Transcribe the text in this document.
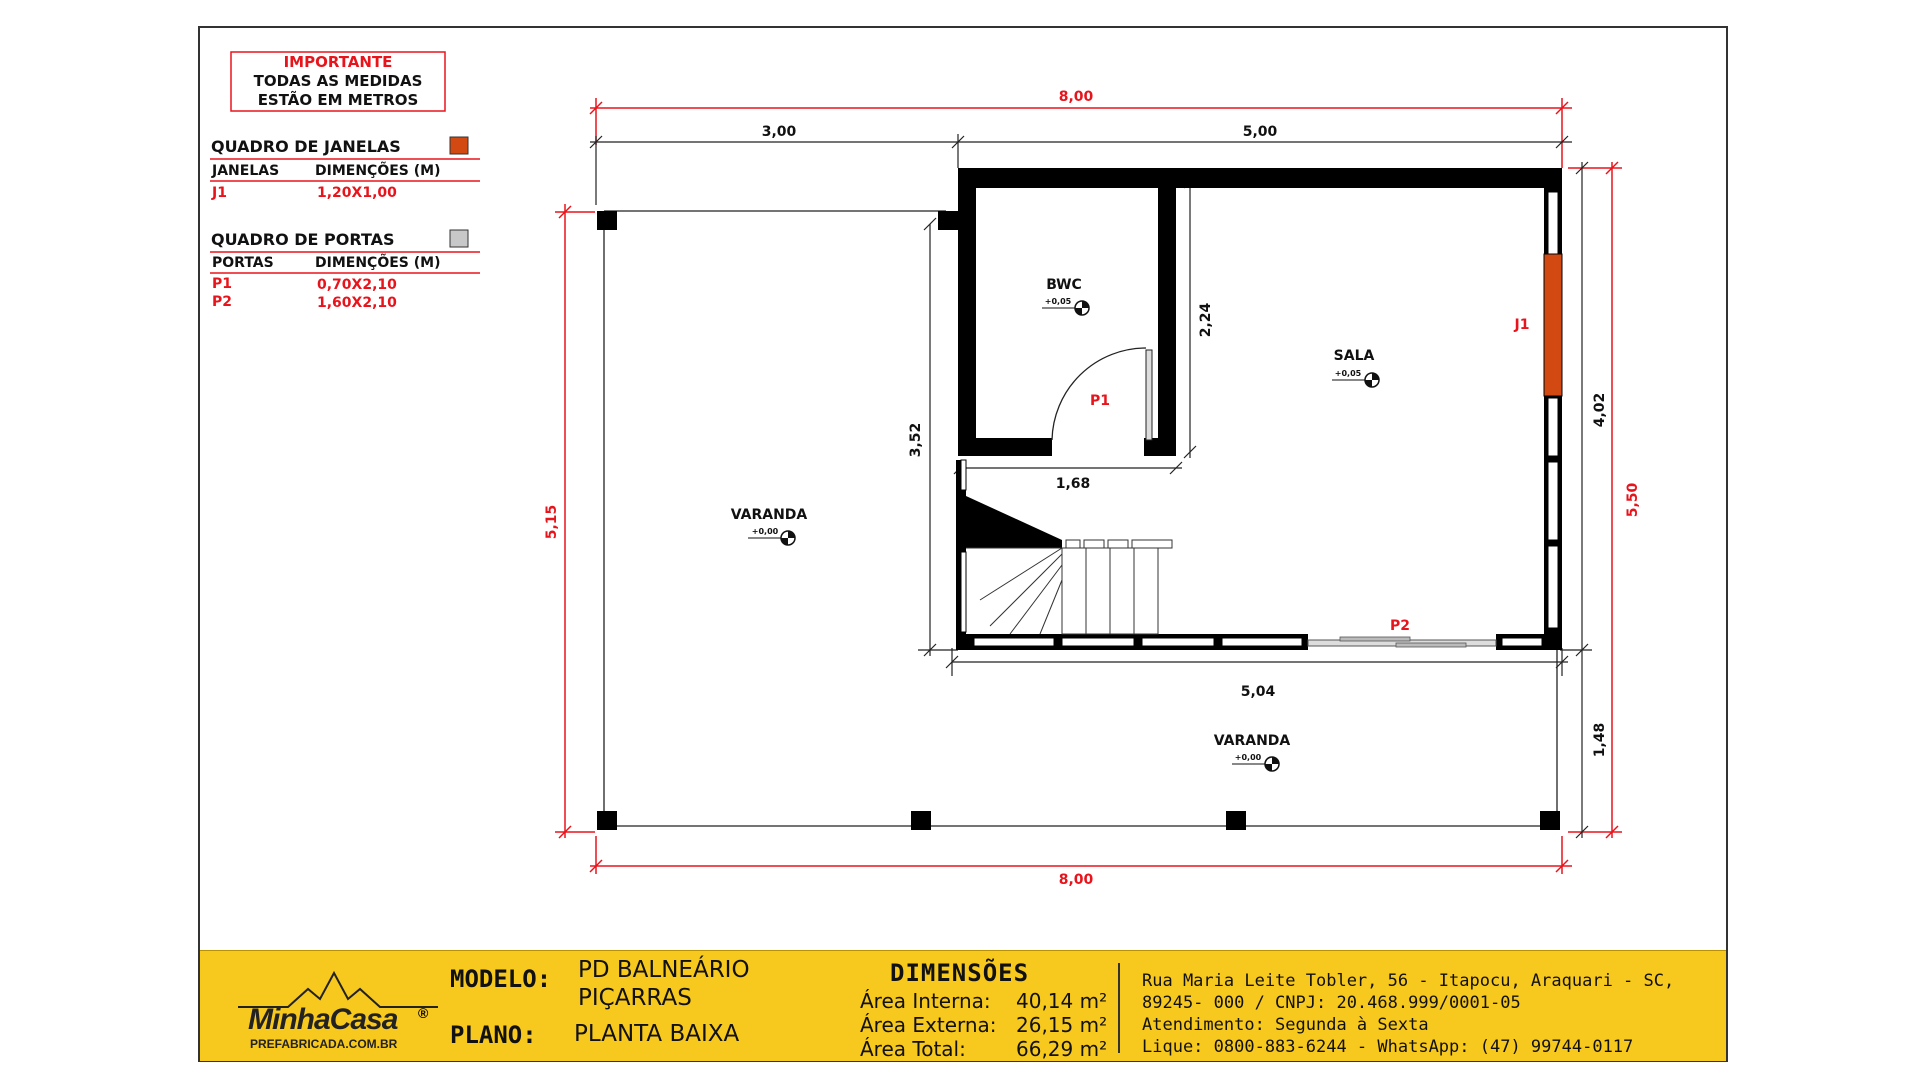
IMPORTANTE
TODAS AS MEDIDAS
ESTÃO EM METROS
QUADRO DE JANELAS
JANELAS	DIMENÇÕES (M)
J1	1,20X1,00
QUADRO DE PORTAS
PORTAS	DIMENÇÕES (M)
P1	0,70X2,10
P2	1,60X2,10
8,00
3,00	5,00
8,00
5,15
5,50
4,02
1,48
2,24
3,52
1,68
5,04
BWC
+0,05
SALA
+0,05
VARANDA
+0,00
VARANDA
+0,00
J1
P1
P2
MinhaCasa ®
PREFABRICADA.COM.BR
MODELO: PD BALNEÁRIO
PIÇARRAS
PLANO: PLANTA BAIXA
DIMENSÕES
Área Interna: 40,14 m²
Área Externa: 26,15 m²
Área Total:	66,29 m²
Rua Maria Leite Tobler, 56 - Itapocu, Araquari - SC,
89245- 000 / CNPJ: 20.468.999/0001-05
Atendimento: Segunda à Sexta
Lique: 0800-883-6244 - WhatsApp: (47) 99744-0117
